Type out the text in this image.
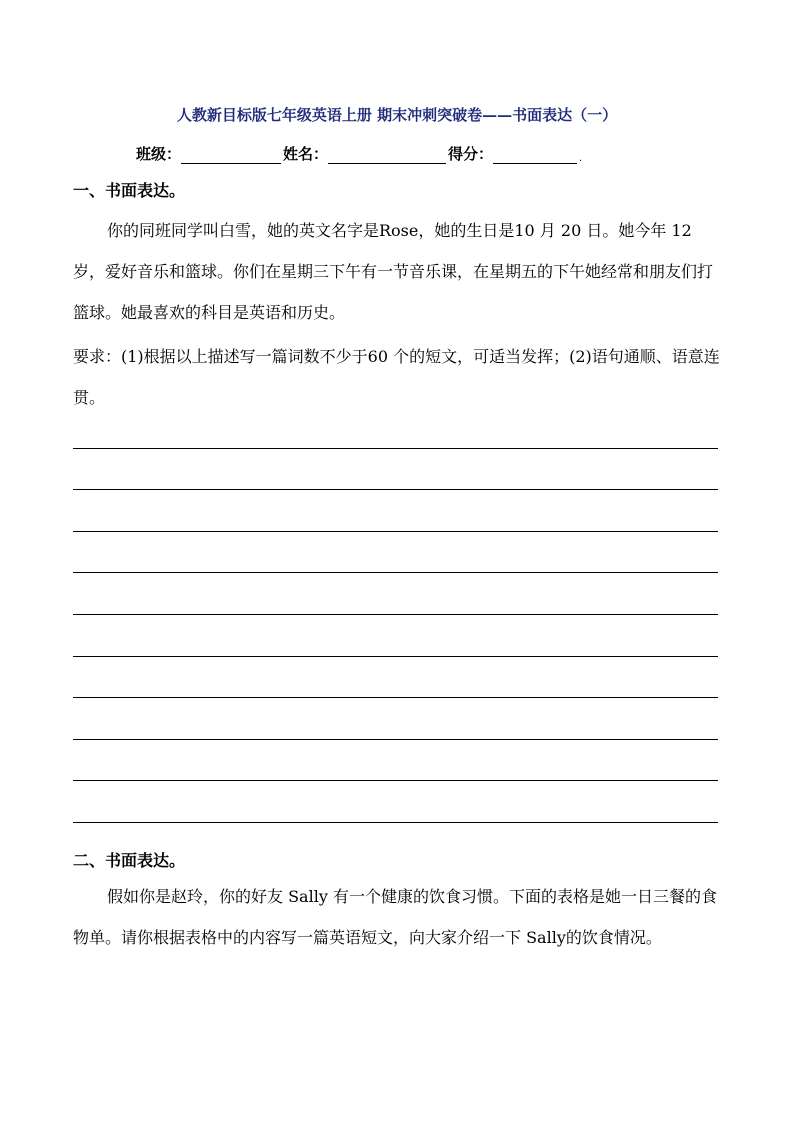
人教新目标版七年级英语上册 期末冲刺突破卷——书面表达（一）
班级：	姓名：	得分：	.
一、书面表达。

你的同班同学叫白雪，她的英文名字是Rose，她的生日是10 月 20 日。她今年 12 岁，爱好音乐和篮球。你们在星期三下午有一节音乐课，在星期五的下午她经常和朋友们打篮球。她最喜欢的科目是英语和历史。

要求：(1)根据以上描述写一篇词数不少于60 个的短文，可适当发挥；(2)语句通顺、语意连贯。

二、书面表达。

假如你是赵玲，你的好友 Sally 有一个健康的饮食习惯。下面的表格是她一日三餐的食物单。请你根据表格中的内容写一篇英语短文，向大家介绍一下 Sally的饮食情况。
